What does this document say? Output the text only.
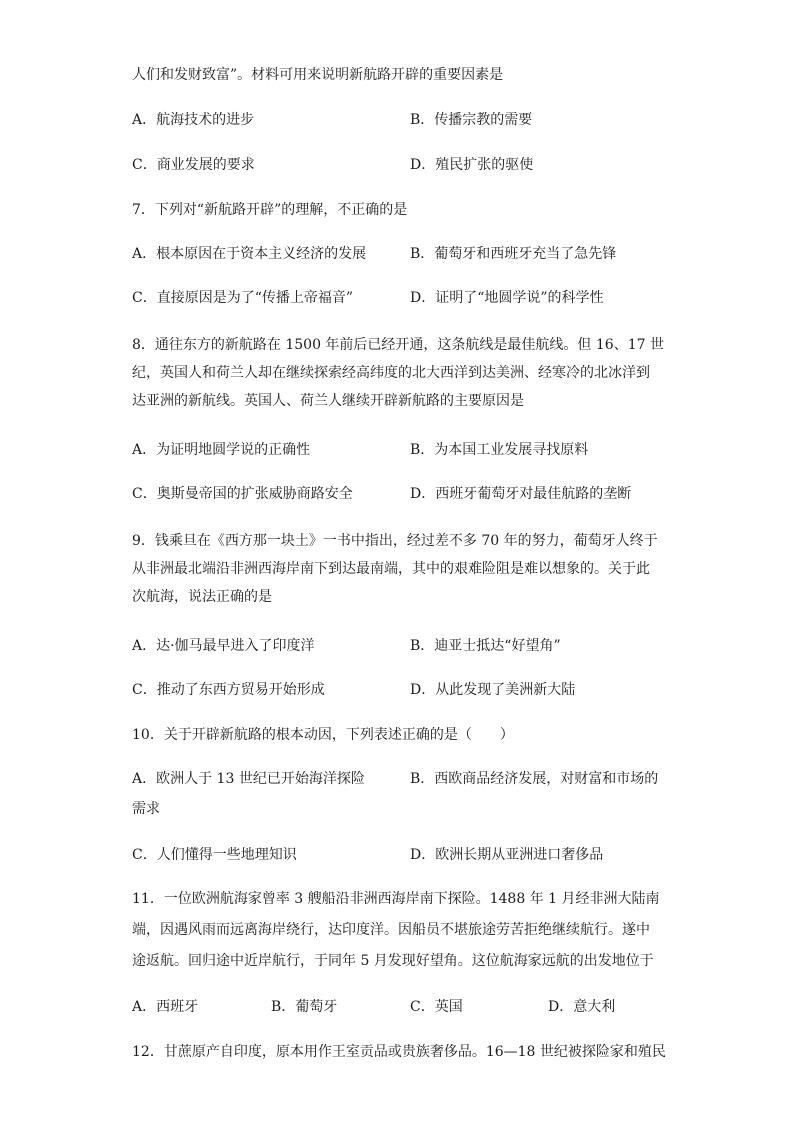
人们和发财致富”。材料可用来说明新航路开辟的重要因素是
A．航海技术的进步	B．传播宗教的需要
C．商业发展的要求	D．殖民扩张的驱使
7．下列对“新航路开辟”的理解，不正确的是
A．根本原因在于资本主义经济的发展	B．葡萄牙和西班牙充当了急先锋
C．直接原因是为了“传播上帝福音”	D．证明了“地圆学说”的科学性
8．通往东方的新航路在 1500 年前后已经开通，这条航线是最佳航线。但 16、17 世
纪，英国人和荷兰人却在继续探索经高纬度的北大西洋到达美洲、经寒冷的北冰洋到
达亚洲的新航线。英国人、荷兰人继续开辟新航路的主要原因是
A．为证明地圆学说的正确性	B．为本国工业发展寻找原料
C．奥斯曼帝国的扩张威胁商路安全	D．西班牙葡萄牙对最佳航路的垄断
9．钱乘旦在《西方那一块土》一书中指出，经过差不多 70 年的努力，葡萄牙人终于
从非洲最北端沿非洲西海岸南下到达最南端，其中的艰难险阻是难以想象的。关于此
次航海，说法正确的是
A．达·伽马最早进入了印度洋	B．迪亚士抵达“好望角”
C．推动了东西方贸易开始形成	D．从此发现了美洲新大陆
10．关于开辟新航路的根本动因，下列表述正确的是（　　）
A．欧洲人于 13 世纪已开始海洋探险	B．西欧商品经济发展，对财富和市场的
需求
C．人们懂得一些地理知识	D．欧洲长期从亚洲进口奢侈品
11．一位欧洲航海家曾率 3 艘船沿非洲西海岸南下探险。1488 年 1 月经非洲大陆南
端，因遇风雨而远离海岸绕行，达印度洋。因船员不堪旅途劳苦拒绝继续航行。遂中
途返航。回归途中近岸航行，于同年 5 月发现好望角。这位航海家远航的出发地位于
A．西班牙	B．葡萄牙	C．英国	D．意大利
12．甘蔗原产自印度，原本用作王室贡品或贵族奢侈品。16—18 世纪被探险家和殖民
